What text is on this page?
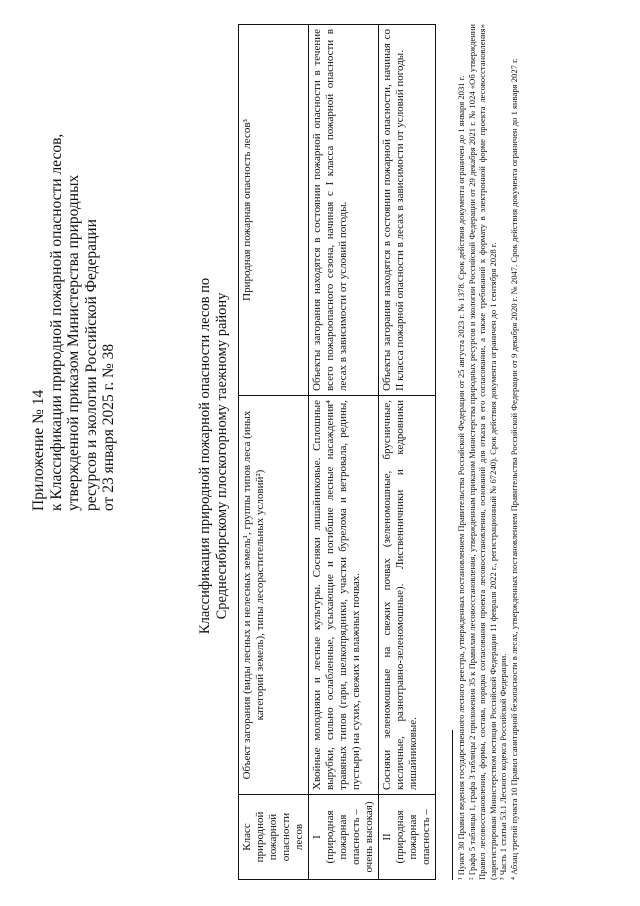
Приложение № 14 к Классификации природной пожарной опасности лесов, утвержденной приказом Министерства природных ресурсов и экологии Российской Федерации от 23 января 2025 г. № 38	Классификация природной пожарной опасности лесов по Среднесибирскому плоскогорному таежному району
Класс природной пожарной опасности лесов	Объект загорания (виды лесных и нелесных земель¹, группы типов леса (иных категорий земель), типы лесорастительных условий²)	Природная пожарная опасность лесов³

I (природная пожарная опасность – очень высокая)	Хвойные молодняки и лесные культуры. Сосняки лишайниковые. Сплошные вырубки, сильно ослабленные, усыхающие и погибшие лесные насаждения⁴ травяных типов (гари, шелкопрядники, участки бурелома и ветровала, редины, пустыри) на сухих, свежих и влажных почвах.	Объекты загорания находятся в состоянии пожарной опасности в течение всего пожароопасного сезона, начиная с I класса пожарной опасности в лесах в зависимости от условий погоды.

II (природная пожарная опасность –	Сосняки зеленомошные на свежих почвах (зеленомошные, брусничные, кисличные, разнотравно-зеленомошные). Лиственничники и кедровники лишайниковые.	Объекты загорания находятся в состоянии пожарной опасности, начиная со II класса пожарной опасности в лесах в зависимости от условий погоды.	¹ Пункт 30 Правил ведения государственного лесного реестра, утвержденных постановлением Правительства Российской Федерации от 25 августа 2023 г. № 1378. Срок действия документа ограничен до 1 января 2031 г. ² Графа 5 таблицы 1, графа 3 таблицы 2 приложения 35 к Правилам лесовосстановления, утвержденным приказом Министерства природных ресурсов и экологии Российской Федерации от 29 декабря 2021 г. № 1024 «Об утверждении Правил лесовосстановления, формы, состава, порядка согласования проекта лесовосстановления, оснований для отказа в его согласовании, а также требований к формату в электронной форме проекта лесовосстановления» (зарегистрирован Министерством юстиции Российской Федерации 11 февраля 2022 г., регистрационный № 67240). Срок действия документа ограничен до 1 сентября 2028 г. ³ Часть 1 статьи 53.1 Лесного кодекса Российской Федерации. ⁴ Абзац третий пункта 10 Правил санитарной безопасности в лесах, утвержденных постановлением Правительства Российской Федерации от 9 декабря 2020 г. № 2047. Срок действия документа ограничен до 1 января 2027 г.
